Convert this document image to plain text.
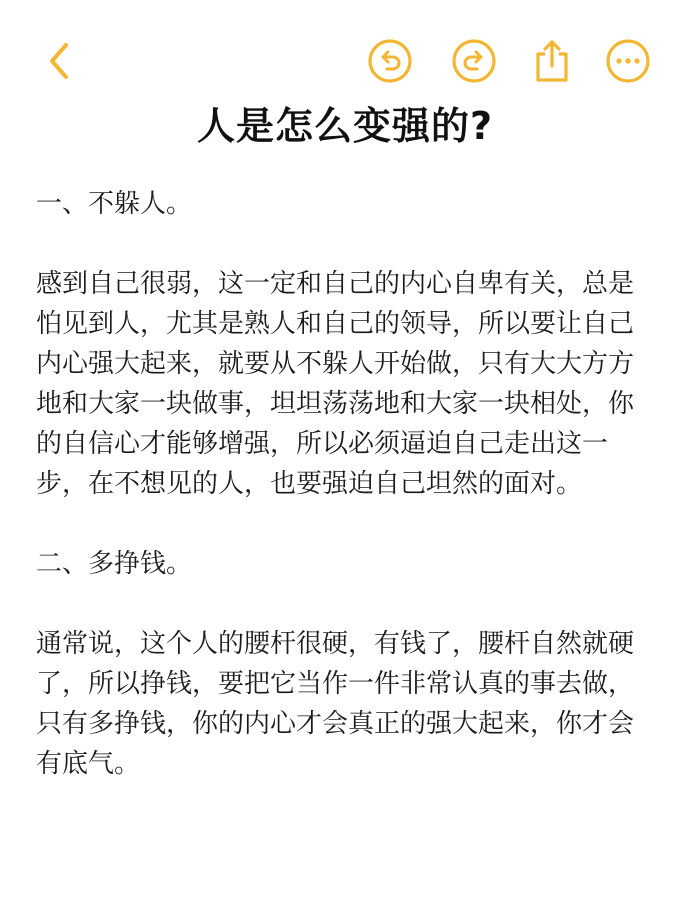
人是怎么变强的?

一、不躲人。

感到自己很弱，这一定和自己的内心自卑有关，总是怕见到人，尤其是熟人和自己的领导，所以要让自己内心强大起来，就要从不躲人开始做，只有大大方方地和大家一块做事，坦坦荡荡地和大家一块相处，你的自信心才能够增强，所以必须逼迫自己走出这一步，在不想见的人，也要强迫自己坦然的面对。

二、多挣钱。

通常说，这个人的腰杆很硬，有钱了，腰杆自然就硬了，所以挣钱，要把它当作一件非常认真的事去做，只有多挣钱，你的内心才会真正的强大起来，你才会有底气。
